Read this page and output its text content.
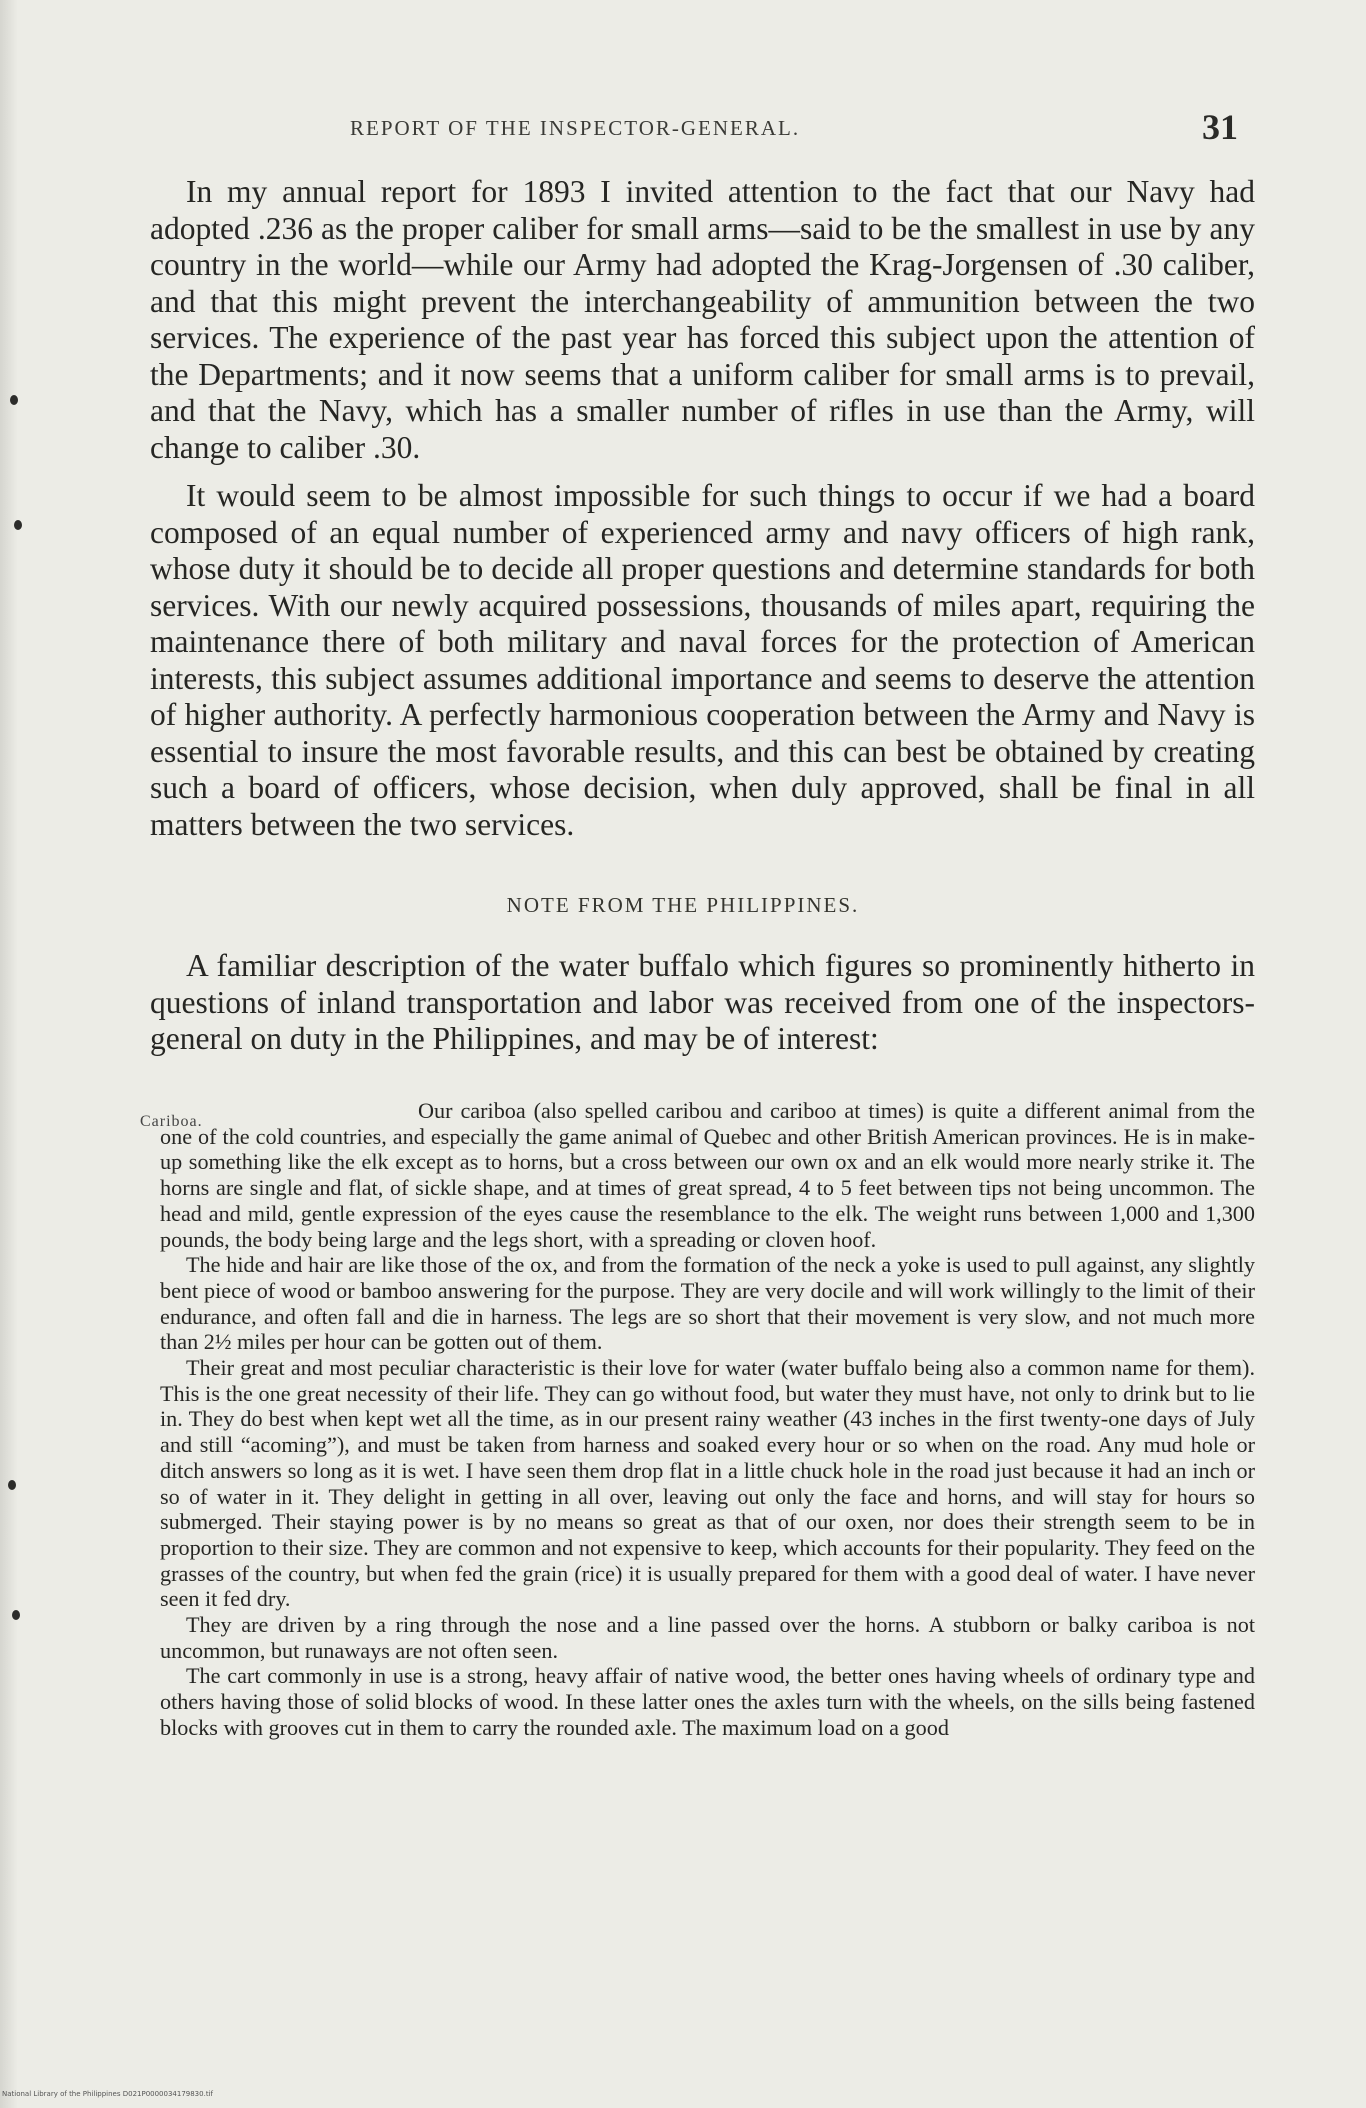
REPORT OF THE INSPECTOR-GENERAL.	31

In my annual report for 1893 I invited attention to the fact that our Navy had adopted .236 as the proper caliber for small arms—said to be the smallest in use by any country in the world—while our Army had adopted the Krag-Jorgensen of .30 caliber, and that this might prevent the interchangeability of ammunition between the two services. The experience of the past year has forced this subject upon the attention of the Departments; and it now seems that a uniform caliber for small arms is to prevail, and that the Navy, which has a smaller number of rifles in use than the Army, will change to caliber .30.

It would seem to be almost impossible for such things to occur if we had a board composed of an equal number of experienced army and navy officers of high rank, whose duty it should be to decide all proper questions and determine standards for both services. With our newly acquired possessions, thousands of miles apart, requiring the maintenance there of both military and naval forces for the protection of American interests, this subject assumes additional importance and seems to deserve the attention of higher authority. A perfectly harmonious cooperation between the Army and Navy is essential to insure the most favorable results, and this can best be obtained by creating such a board of officers, whose decision, when duly approved, shall be final in all matters between the two services.

NOTE FROM THE PHILIPPINES.

A familiar description of the water buffalo which figures so prominently hitherto in questions of inland transportation and labor was received from one of the inspectors-general on duty in the Philippines, and may be of interest:

Cariboa.	Our cariboa (also spelled caribou and cariboo at times) is quite a different animal from the one of the cold countries, and especially the game animal of Quebec and other British American provinces. He is in make-up something like the elk except as to horns, but a cross between our own ox and an elk would more nearly strike it. The horns are single and flat, of sickle shape, and at times of great spread, 4 to 5 feet between tips not being uncommon. The head and mild, gentle expression of the eyes cause the resemblance to the elk. The weight runs between 1,000 and 1,300 pounds, the body being large and the legs short, with a spreading or cloven hoof.

The hide and hair are like those of the ox, and from the formation of the neck a yoke is used to pull against, any slightly bent piece of wood or bamboo answering for the purpose. They are very docile and will work willingly to the limit of their endurance, and often fall and die in harness. The legs are so short that their movement is very slow, and not much more than 2½ miles per hour can be gotten out of them.

Their great and most peculiar characteristic is their love for water (water buffalo being also a common name for them). This is the one great necessity of their life. They can go without food, but water they must have, not only to drink but to lie in. They do best when kept wet all the time, as in our present rainy weather (43 inches in the first twenty-one days of July and still “acoming”), and must be taken from harness and soaked every hour or so when on the road. Any mud hole or ditch answers so long as it is wet. I have seen them drop flat in a little chuck hole in the road just because it had an inch or so of water in it. They delight in getting in all over, leaving out only the face and horns, and will stay for hours so submerged. Their staying power is by no means so great as that of our oxen, nor does their strength seem to be in proportion to their size. They are common and not expensive to keep, which accounts for their popularity. They feed on the grasses of the country, but when fed the grain (rice) it is usually prepared for them with a good deal of water. I have never seen it fed dry.

They are driven by a ring through the nose and a line passed over the horns. A stubborn or balky cariboa is not uncommon, but runaways are not often seen.

The cart commonly in use is a strong, heavy affair of native wood, the better ones having wheels of ordinary type and others having those of solid blocks of wood. In these latter ones the axles turn with the wheels, on the sills being fastened blocks with grooves cut in them to carry the rounded axle. The maximum load on a good

National Library of the Philippines D021P0000034179830.tif
